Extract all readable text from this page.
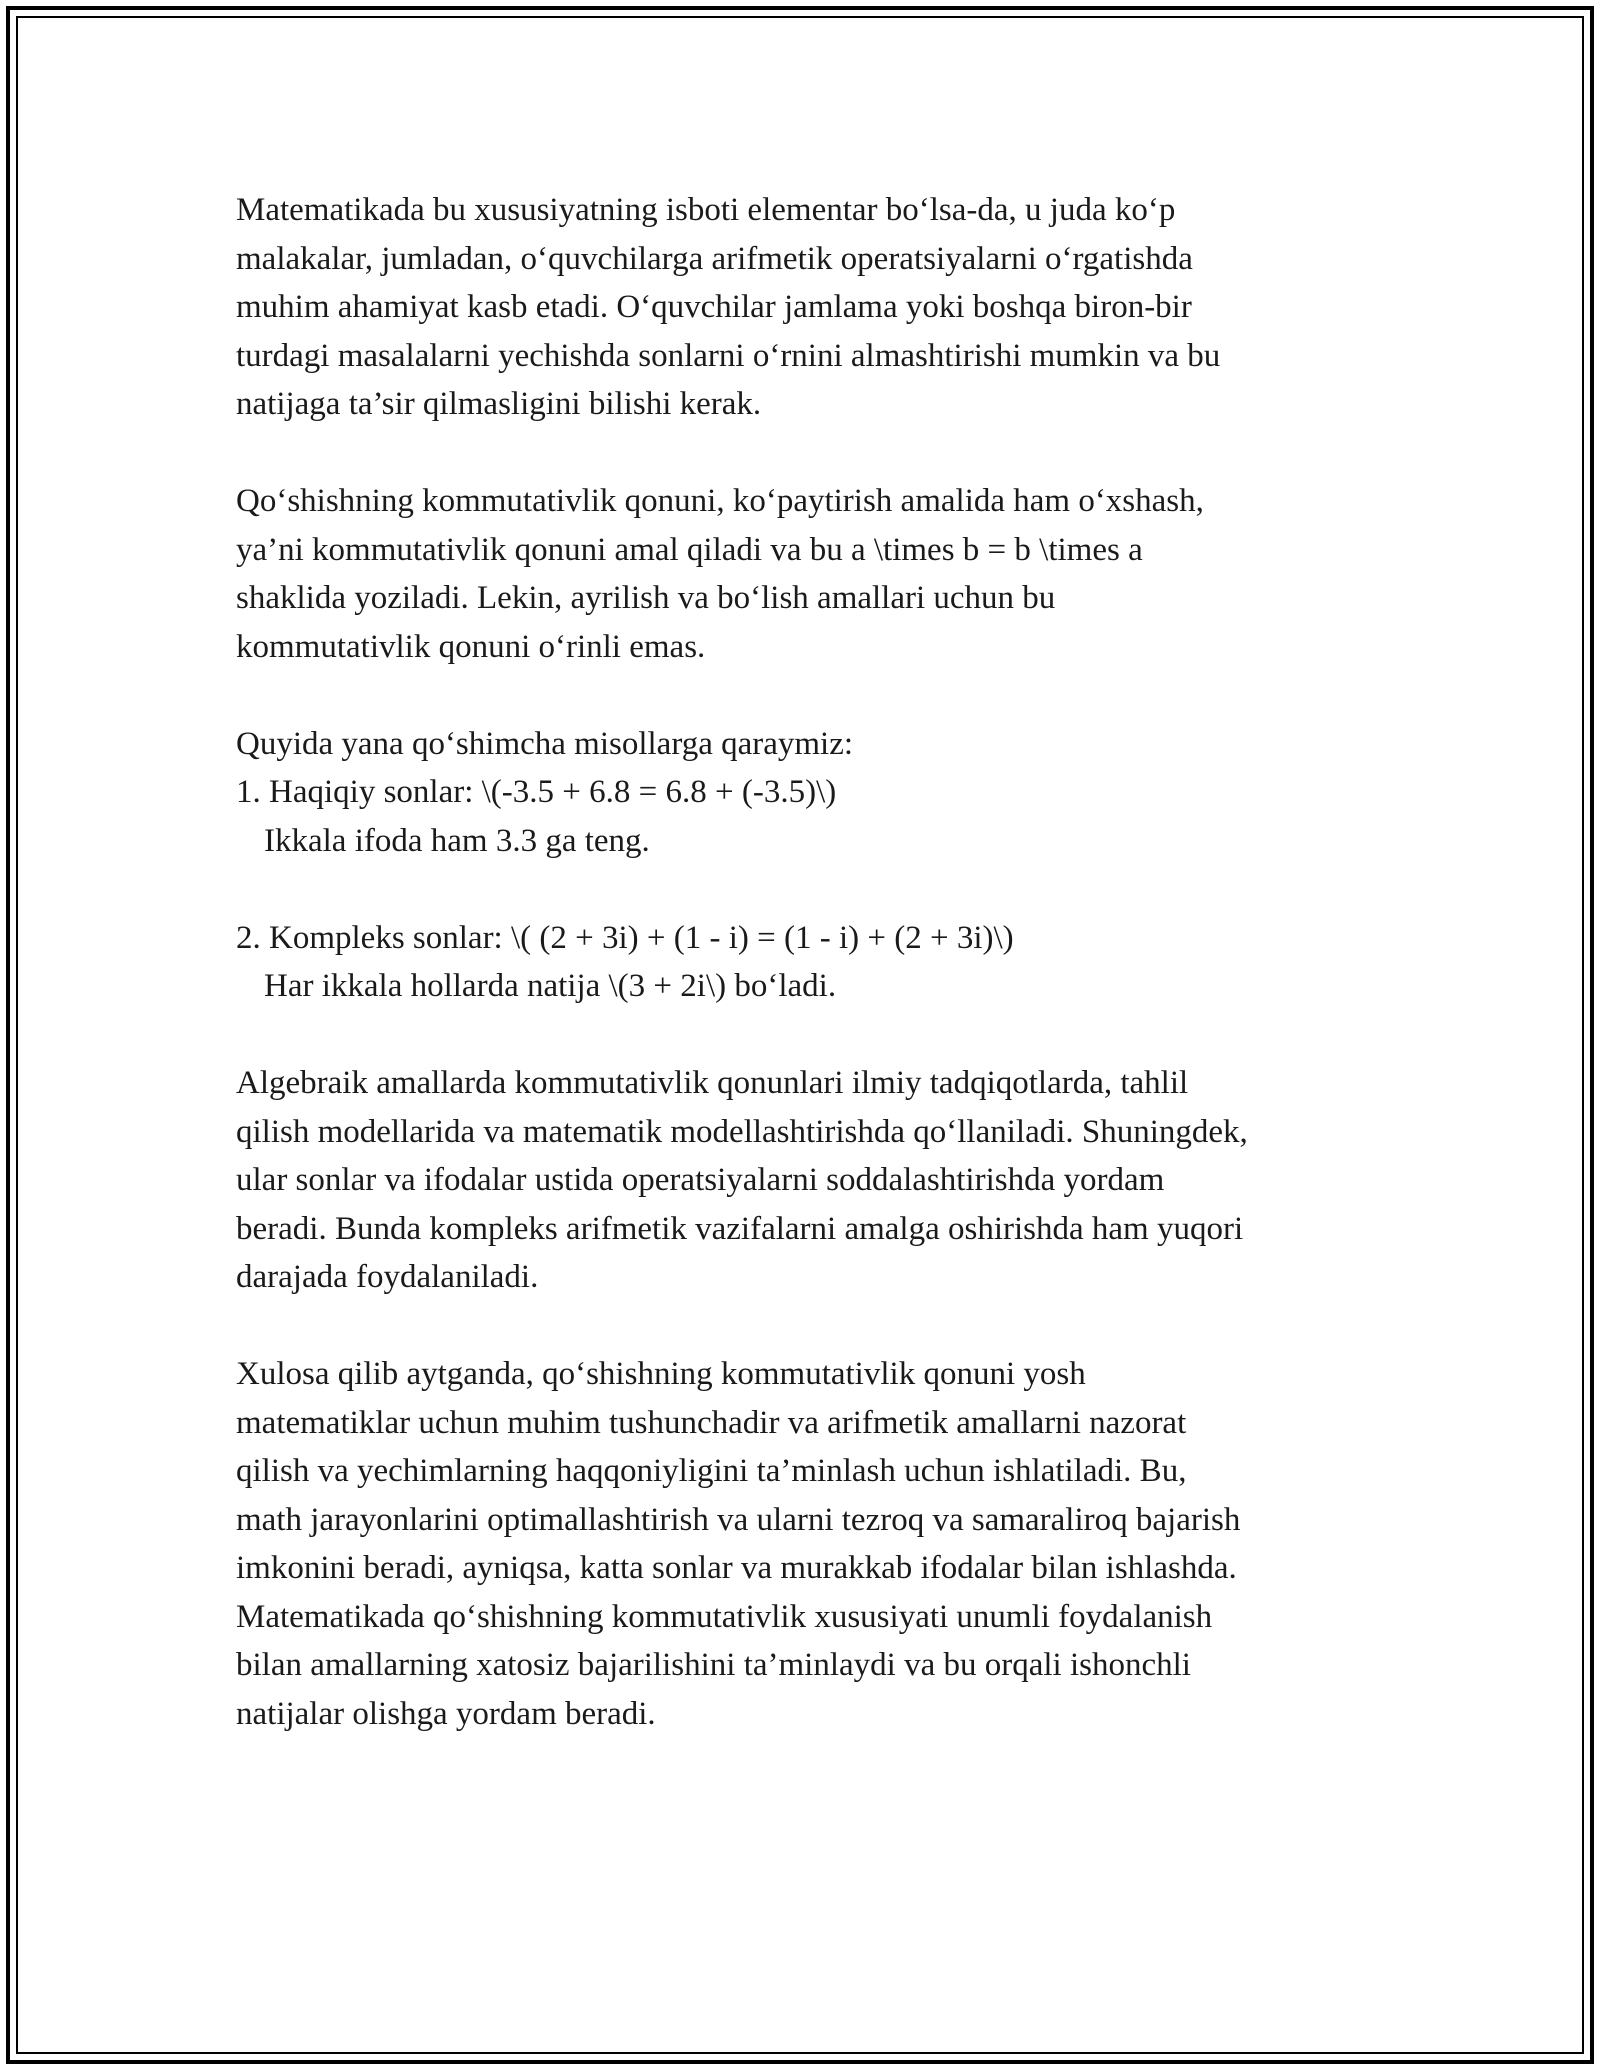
Matematikada bu xususiyatning isboti elementar bo‘lsa-da, u juda ko‘p
malakalar, jumladan, o‘quvchilarga arifmetik operatsiyalarni o‘rgatishda
muhim ahamiyat kasb etadi. O‘quvchilar jamlama yoki boshqa biron-bir
turdagi masalalarni yechishda sonlarni o‘rnini almashtirishi mumkin va bu
natijaga ta’sir qilmasligini bilishi kerak.

Qo‘shishning kommutativlik qonuni, ko‘paytirish amalida ham o‘xshash,
ya’ni kommutativlik qonuni amal qiladi va bu a \times b = b \times a
shaklida yoziladi. Lekin, ayrilish va bo‘lish amallari uchun bu
kommutativlik qonuni o‘rinli emas.

Quyida yana qo‘shimcha misollarga qaraymiz:
1. Haqiqiy sonlar: \(-3.5 + 6.8 = 6.8 + (-3.5)\)
Ikkala ifoda ham 3.3 ga teng.

2. Kompleks sonlar: \( (2 + 3i) + (1 - i) = (1 - i) + (2 + 3i)\)
Har ikkala hollarda natija \(3 + 2i\) bo‘ladi.

Algebraik amallarda kommutativlik qonunlari ilmiy tadqiqotlarda, tahlil
qilish modellarida va matematik modellashtirishda qo‘llaniladi. Shuningdek,
ular sonlar va ifodalar ustida operatsiyalarni soddalashtirishda yordam
beradi. Bunda kompleks arifmetik vazifalarni amalga oshirishda ham yuqori
darajada foydalaniladi.

Xulosa qilib aytganda, qo‘shishning kommutativlik qonuni yosh
matematiklar uchun muhim tushunchadir va arifmetik amallarni nazorat
qilish va yechimlarning haqqoniyligini ta’minlash uchun ishlatiladi. Bu,
math jarayonlarini optimallashtirish va ularni tezroq va samaraliroq bajarish
imkonini beradi, ayniqsa, katta sonlar va murakkab ifodalar bilan ishlashda.
Matematikada qo‘shishning kommutativlik xususiyati unumli foydalanish
bilan amallarning xatosiz bajarilishini ta’minlaydi va bu orqali ishonchli
natijalar olishga yordam beradi.
